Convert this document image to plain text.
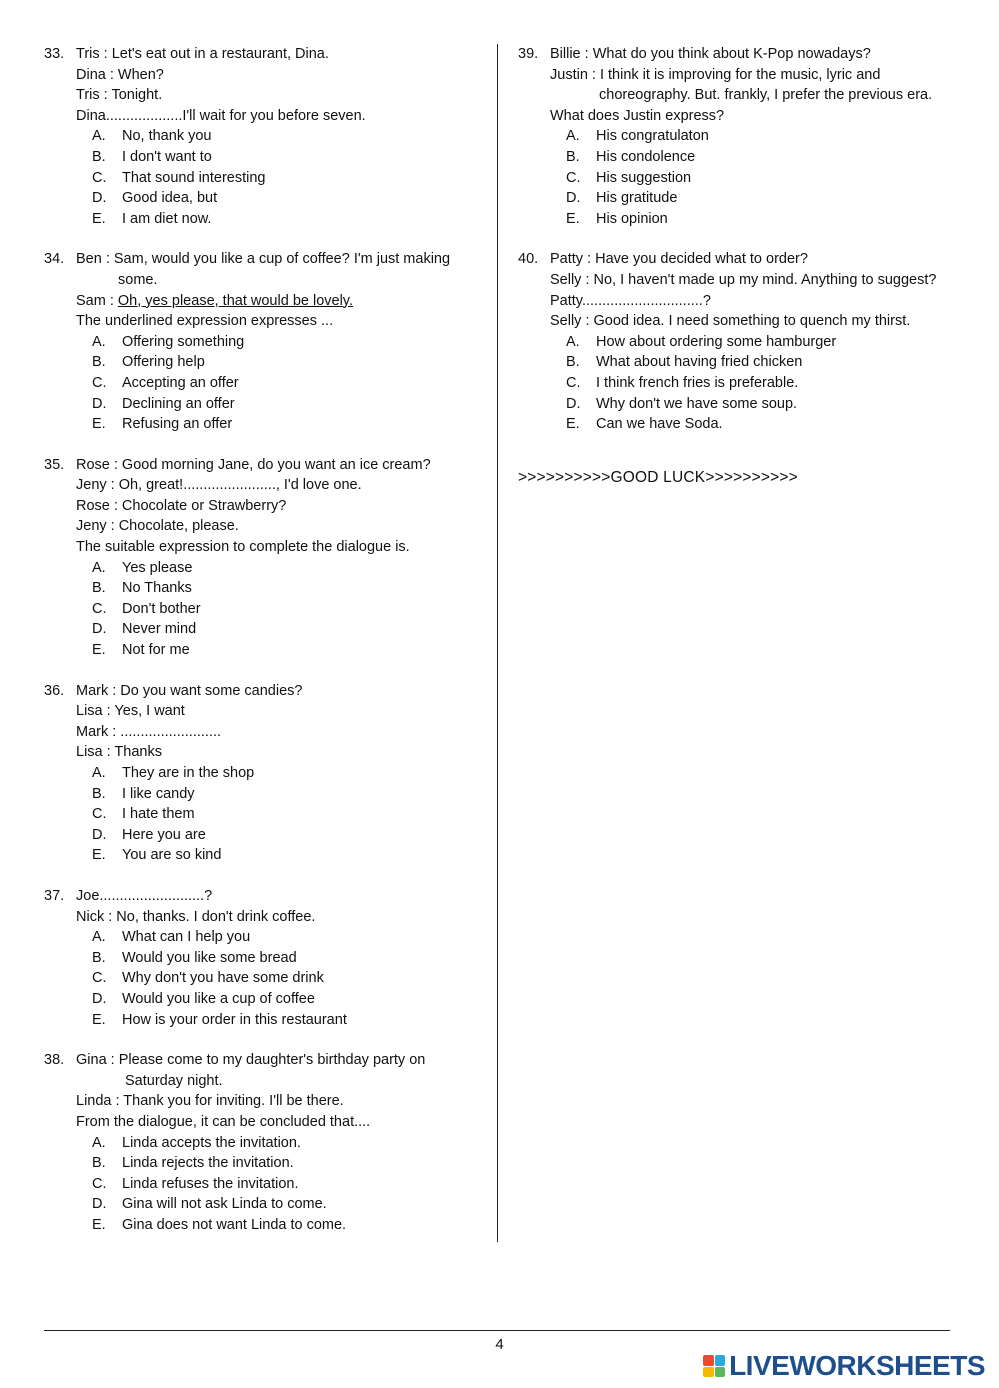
33. Tris : Let's eat out in a restaurant, Dina.
Dina : When?
Tris : Tonight.
Dina...................I'll wait for you before seven.
A. No, thank you
B. I don't want to
C. That sound interesting
D. Good idea, but
E. I am diet now.
34. Ben : Sam, would you like a cup of coffee? I'm just making
some.
Sam : Oh, yes please, that would be lovely.
The underlined expression expresses ...
A. Offering something
B. Offering help
C. Accepting an offer
D. Declining an offer
E. Refusing an offer
35. Rose : Good morning Jane, do you want an ice cream?
Jeny : Oh, great!......................., I'd love one.
Rose : Chocolate or Strawberry?
Jeny : Chocolate, please.
The suitable expression to complete the dialogue is.
A. Yes please
B. No Thanks
C. Don't bother
D. Never mind
E. Not for me
36. Mark : Do you want some candies?
Lisa : Yes, I want
Mark : .........................
Lisa : Thanks
A. They are in the shop
B. I like candy
C. I hate them
D. Here you are
E. You are so kind
37. Joe..........................?
Nick : No, thanks. I don't drink coffee.
A. What can I help you
B. Would you like some bread
C. Why don't you have some drink
D. Would you like a cup of coffee
E. How is your order in this restaurant
38. Gina : Please come to my daughter's birthday party on
Saturday night.
Linda : Thank you for inviting. I'll be there.
From the dialogue, it can be concluded that....
A. Linda accepts the invitation.
B. Linda rejects the invitation.
C. Linda refuses the invitation.
D. Gina will not ask Linda to come.
E. Gina does not want Linda to come.
39. Billie : What do you think about K-Pop nowadays?
Justin : I think it is improving for the music, lyric and
choreography. But. frankly, I prefer the previous era.
What does Justin express?
A. His congratulaton
B. His condolence
C. His suggestion
D. His gratitude
E. His opinion
40. Patty : Have you decided what to order?
Selly : No, I haven't made up my mind. Anything to suggest?
Patty..............................?
Selly : Good idea. I need something to quench my thirst.
A. How about ordering some hamburger
B. What about having fried chicken
C. I think french fries is preferable.
D. Why don't we have some soup.
E. Can we have Soda.
>>>>>>>>>>GOOD LUCK>>>>>>>>>>
4
LIVEWORKSHEETS
